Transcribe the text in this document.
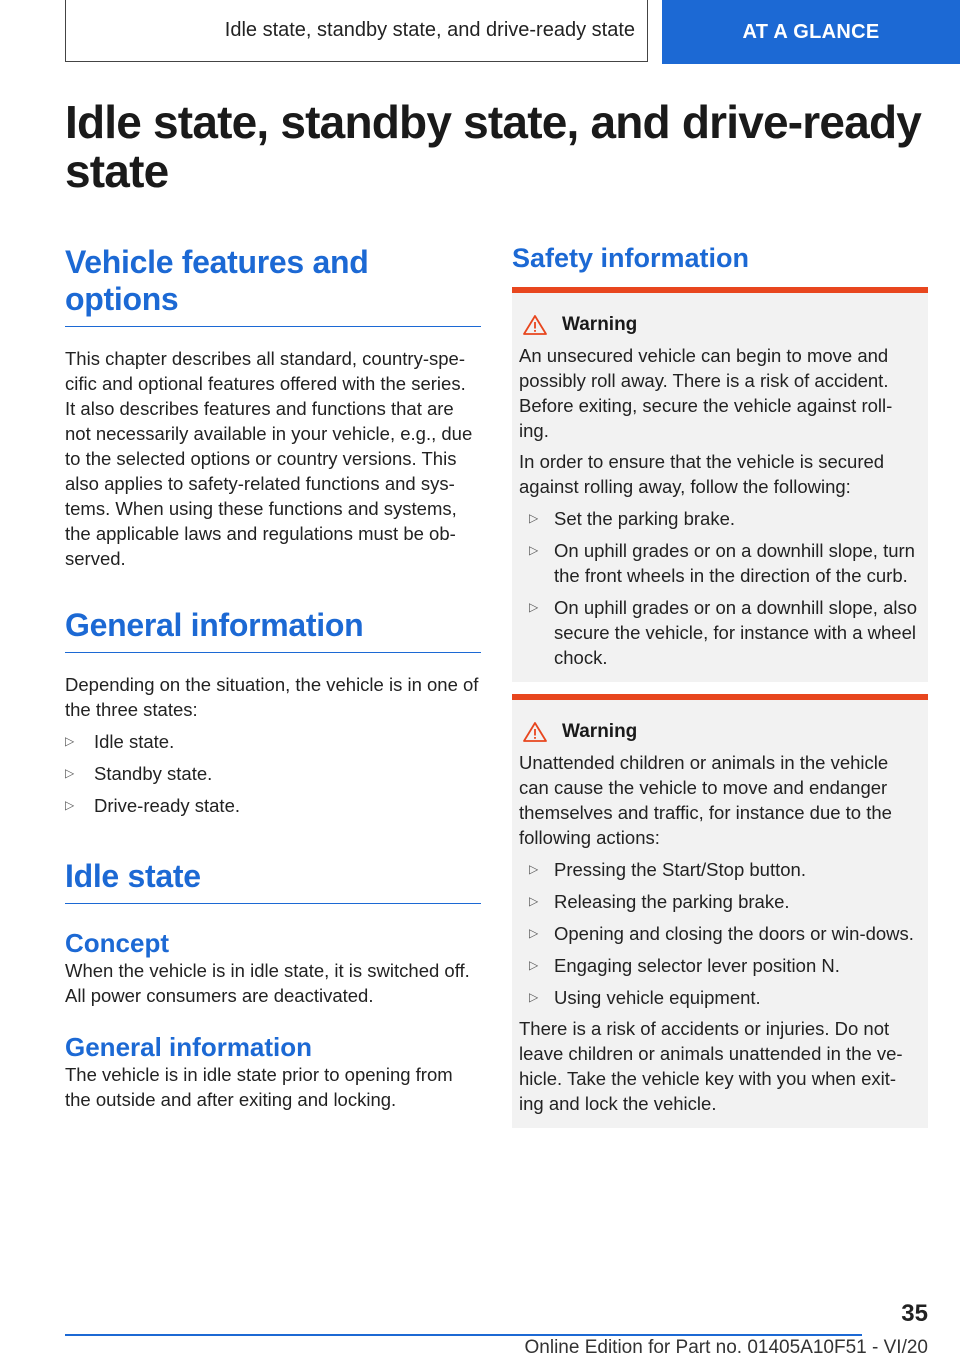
Idle state, standby state, and drive-ready state	AT A GLANCE
Idle state, standby state, and drive-ready state
Vehicle features and options

This chapter describes all standard, country-spe-cific and optional features offered with the series. It also describes features and functions that are not necessarily available in your vehicle, e.g., due to the selected options or country versions. This also applies to safety-related functions and sys-tems. When using these functions and systems, the applicable laws and regulations must be ob-served.

General information

Depending on the situation, the vehicle is in one of the three states:

▷ Idle state.
▷ Standby state.
▷ Drive-ready state.
Idle state
Concept

When the vehicle is in idle state, it is switched off. All power consumers are deactivated.

General information

The vehicle is in idle state prior to opening from the outside and after exiting and locking.

Safety information
Warning

An unsecured vehicle can begin to move and possibly roll away. There is a risk of accident. Before exiting, secure the vehicle against roll-ing.

In order to ensure that the vehicle is secured against rolling away, follow the following:

▷ Set the parking brake.
▷ On uphill grades or on a downhill slope, turn the front wheels in the direction of the curb.
▷ On uphill grades or on a downhill slope, also secure the vehicle, for instance with a wheel chock.
Warning

Unattended children or animals in the vehicle can cause the vehicle to move and endanger themselves and traffic, for instance due to the following actions:

▷ Pressing the Start/Stop button.
▷ Releasing the parking brake.
▷ Opening and closing the doors or win-dows.
▷ Engaging selector lever position N.
▷ Using vehicle equipment.

There is a risk of accidents or injuries. Do not leave children or animals unattended in the ve-hicle. Take the vehicle key with you when exit-ing and lock the vehicle.

35
Online Edition for Part no. 01405A10F51 - VI/20
